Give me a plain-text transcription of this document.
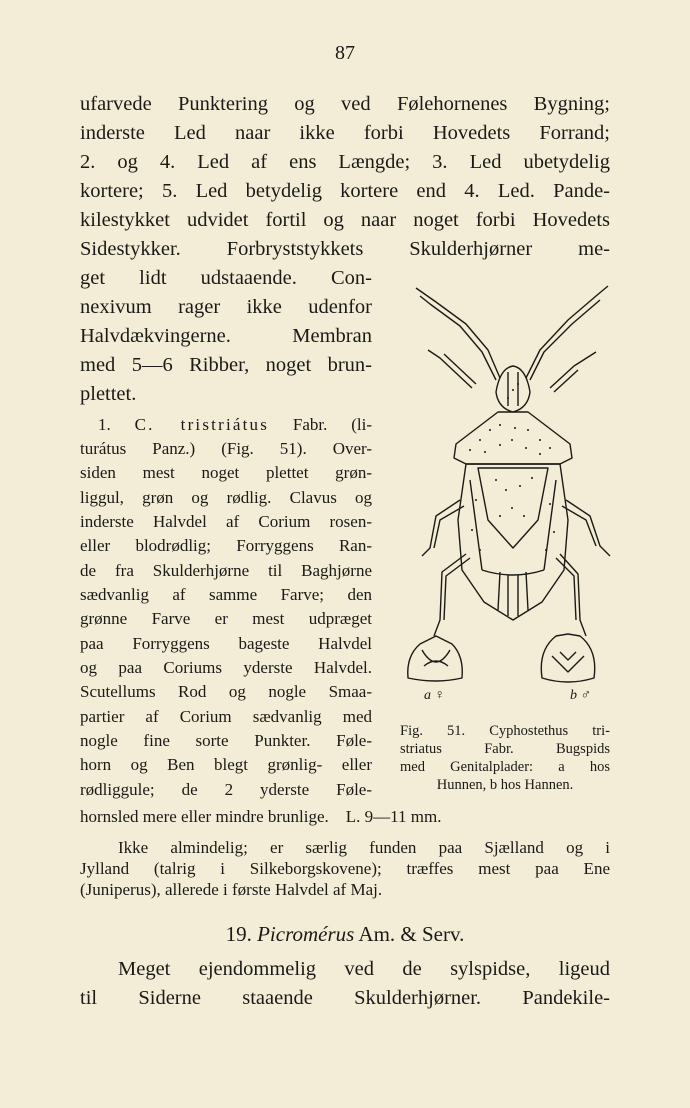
87
ufarvede Punktering og ved Følehornenes Bygning;
inderste Led naar ikke forbi Hovedets Forrand;
2. og 4. Led af ens Længde; 3. Led ubetydelig
kortere; 5. Led betydelig kortere end 4. Led. Pande-
kilestykket udvidet fortil og naar noget forbi Hovedets
Sidestykker. Forbryststykkets Skulderhjørner me-
get lidt udstaaende. Con-
nexivum rager ikke udenfor
Halvdækvingerne. Membran
med 5—6 Ribber, noget brun-
plettet.
1. C. tristriátus Fabr. (li-
turátus Panz.) (Fig. 51). Over-
siden mest noget plettet grøn-
liggul, grøn og rødlig. Clavus og
inderste Halvdel af Corium rosen-
eller blodrødlig; Forryggens Ran-
de fra Skulderhjørne til Baghjørne
sædvanlig af samme Farve; den
grønne Farve er mest udpræget
paa Forryggens bageste Halvdel
og paa Coriums yderste Halvdel.
Scutellums Rod og nogle Smaa-
partier af Corium sædvanlig med
nogle fine sorte Punkter. Føle-
horn og Ben blegt grønlig- eller
rødliggule; de 2 yderste Føle-
hornsled mere eller mindre brunlige.    L. 9—11 mm.
Ikke almindelig; er særlig funden paa Sjælland og i
Jylland (talrig i Silkeborgskovene); træffes mest paa Ene
(Juniperus), allerede i første Halvdel af Maj.
a ♀	b ♂
Fig. 51. Cyphostethus tri-
striatus Fabr. Bugspids
med Genitalplader: a hos
Hunnen, b hos Hannen.
19. Picromérus Am. & Serv.
Meget ejendommelig ved de sylspidse, ligeud
til Siderne staaende Skulderhjørner. Pandekile-
